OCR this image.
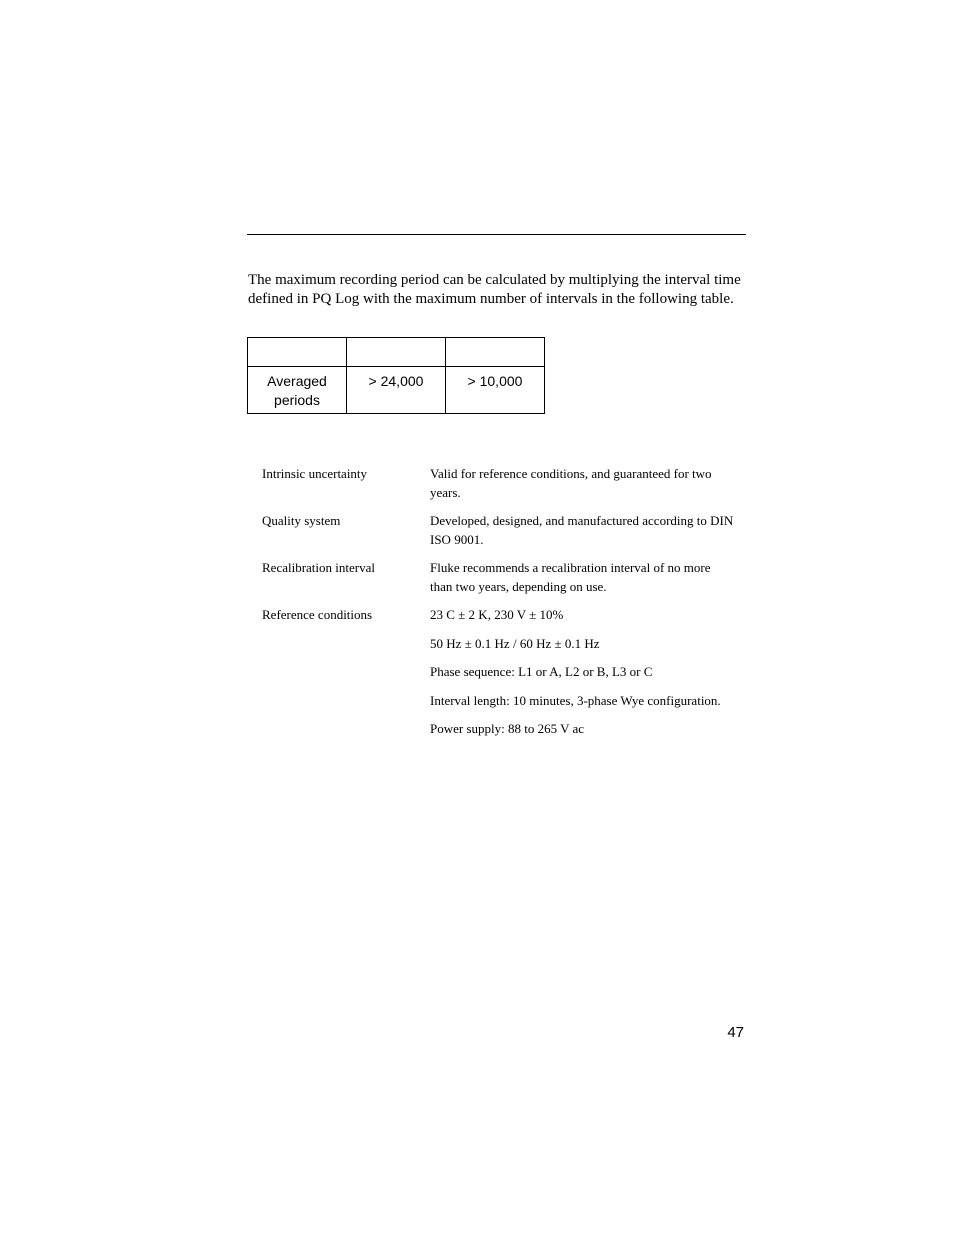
The maximum recording period can be calculated by multiplying the interval time defined in PQ Log with the maximum number of intervals in the following table.

Averaged periods	> 24,000	> 10,000
Intrinsic uncertainty	Valid for reference conditions, and guaranteed for two years.
Quality system	Developed, designed, and manufactured according to DIN ISO 9001.
Recalibration interval	Fluke recommends a recalibration interval of no more than two years, depending on use.
Reference conditions	23 C ± 2 K, 230 V ± 10%
50 Hz ± 0.1 Hz / 60 Hz ± 0.1 Hz
Phase sequence: L1 or A, L2 or B, L3 or C
Interval length: 10 minutes, 3-phase Wye configuration.
Power supply: 88 to 265 V ac
47
